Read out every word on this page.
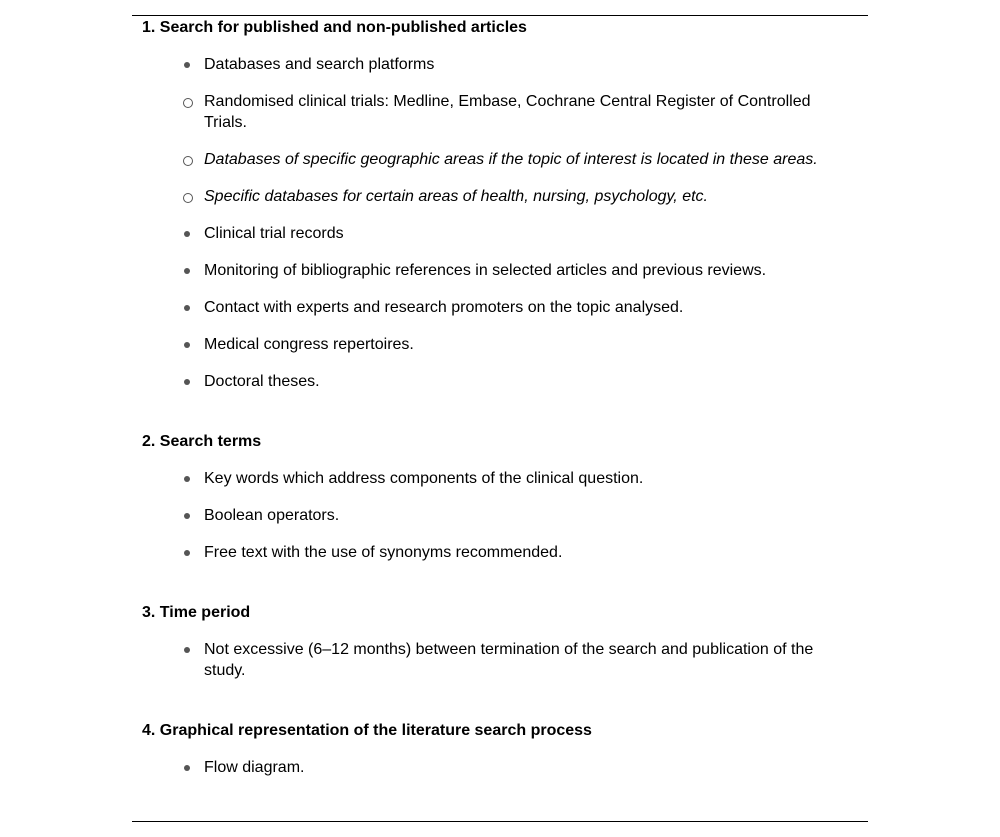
1. Search for published and non-published articles
Databases and search platforms
Randomised clinical trials: Medline, Embase, Cochrane Central Register of Controlled Trials.
Databases of specific geographic areas if the topic of interest is located in these areas.
Specific databases for certain areas of health, nursing, psychology, etc.
Clinical trial records
Monitoring of bibliographic references in selected articles and previous reviews.
Contact with experts and research promoters on the topic analysed.
Medical congress repertoires.
Doctoral theses.
2. Search terms
Key words which address components of the clinical question.
Boolean operators.
Free text with the use of synonyms recommended.
3. Time period
Not excessive (6–12 months) between termination of the search and publication of the study.
4. Graphical representation of the literature search process
Flow diagram.
